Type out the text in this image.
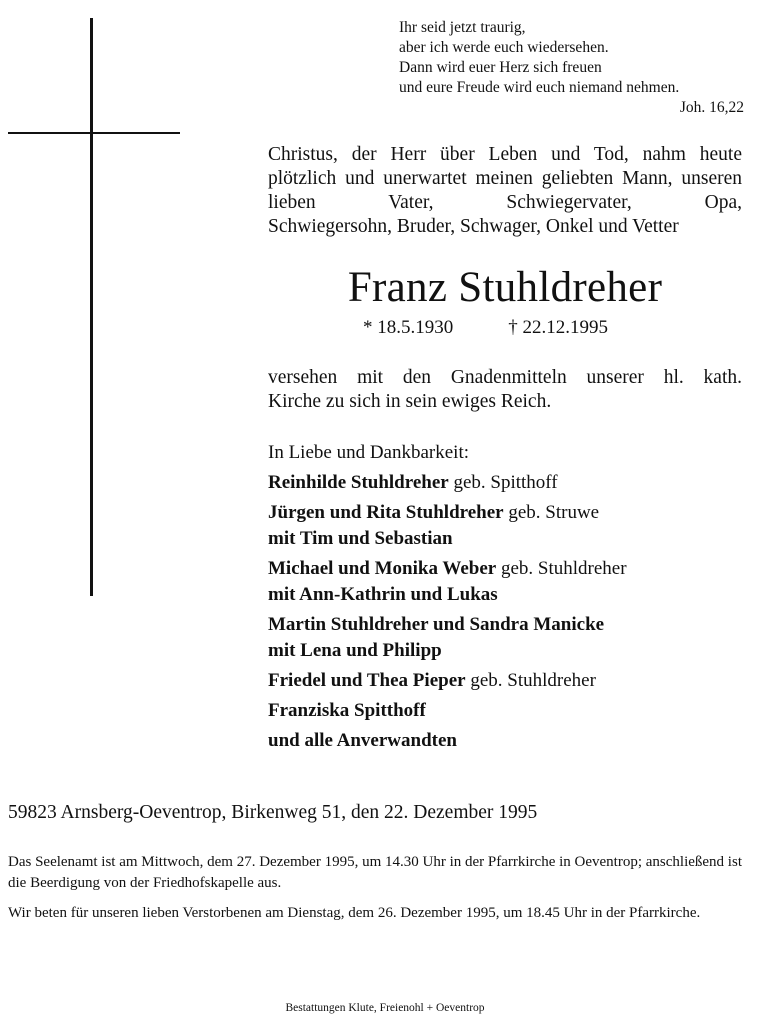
Ihr seid jetzt traurig,
aber ich werde euch wiedersehen.
Dann wird euer Herz sich freuen
und eure Freude wird euch niemand nehmen.
Joh. 16,22
Christus, der Herr über Leben und Tod, nahm heute plötzlich und unerwartet meinen geliebten Mann, unseren lieben Vater, Schwiegervater, Opa,
Schwiegersohn, Bruder, Schwager, Onkel und Vetter
Franz Stuhldreher
* 18.5.1930	† 22.12.1995
versehen mit den Gnadenmitteln unserer hl. kath.
Kirche zu sich in sein ewiges Reich.
In Liebe und Dankbarkeit:
Reinhilde Stuhldreher geb. Spitthoff
Jürgen und Rita Stuhldreher geb. Struwe
mit Tim und Sebastian
Michael und Monika Weber geb. Stuhldreher
mit Ann-Kathrin und Lukas
Martin Stuhldreher und Sandra Manicke
mit Lena und Philipp
Friedel und Thea Pieper geb. Stuhldreher
Franziska Spitthoff
und alle Anverwandten
59823 Arnsberg-Oeventrop, Birkenweg 51, den 22. Dezember 1995

Das Seelenamt ist am Mittwoch, dem 27. Dezember 1995, um 14.30 Uhr in der Pfarrkirche in Oeventrop; anschließend ist die Beerdigung von der Friedhofskapelle aus.

Wir beten für unseren lieben Verstorbenen am Dienstag, dem 26. Dezember 1995, um 18.45 Uhr in der Pfarrkirche.

Bestattungen Klute, Freienohl + Oeventrop
